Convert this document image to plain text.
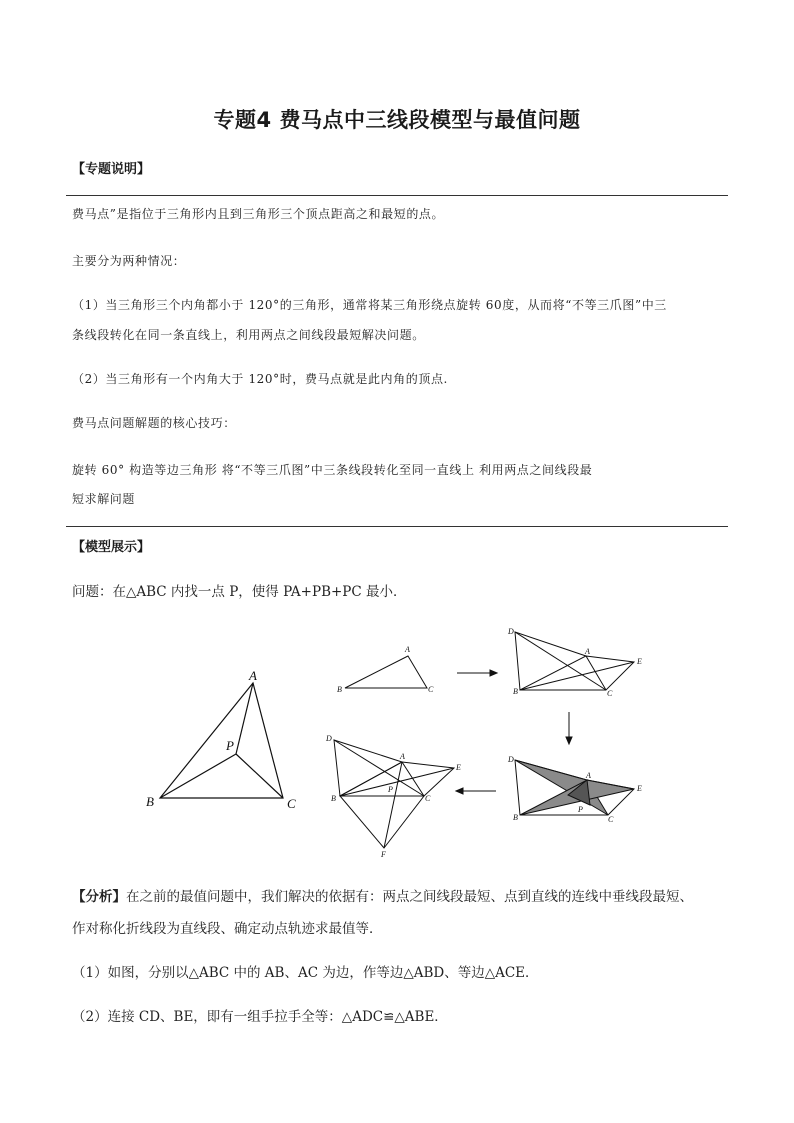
专题4 费马点中三线段模型与最值问题
【专题说明】
费马点”是指位于三角形内且到三角形三个顶点距高之和最短的点。
主要分为两种情况：
（1）当三角形三个内角都小于 120°的三角形，通常将某三角形绕点旋转 60度，从而将“不等三爪图”中三
条线段转化在同一条直线上，利用两点之间线段最短解决问题。
（2）当三角形有一个内角大于 120°时，费马点就是此内角的顶点.
费马点问题解题的核心技巧：
旋转 60° 构造等边三角形 将“不等三爪图”中三条线段转化至同一直线上 利用两点之间线段最
短求解问题
【模型展示】
问题：在△ABC 内找一点 P，使得 PA+PB+PC 最小．
A
B	C
P
A
B	C
D
A
E
B	C
D
A
E
B	C
P
D
A
E
B	C
P
F
【分析】在之前的最值问题中，我们解决的依据有：两点之间线段最短、点到直线的连线中垂线段最短、
作对称化折线段为直线段、确定动点轨迹求最值等．
（1）如图，分别以△ABC 中的 AB、AC 为边，作等边△ABD、等边△ACE．
（2）连接 CD、BE，即有一组手拉手全等：△ADC≌△ABE．
